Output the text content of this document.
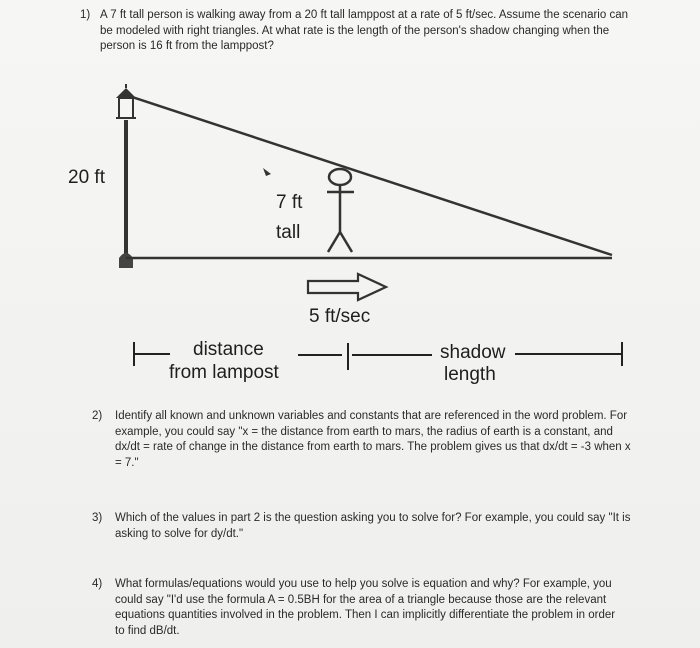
1) A 7 ft tall person is walking away from a 20 ft tall lamppost at a rate of 5 ft/sec. Assume the scenario can be modeled with right triangles. At what rate is the length of the person's shadow changing when the person is 16 ft from the lamppost?
20 ft
7 ft
tall
5 ft/sec
distance
from lampost
shadow
length
2) Identify all known and unknown variables and constants that are referenced in the word problem. For example, you could say "x = the distance from earth to mars, the radius of earth is a constant, and dx/dt = rate of change in the distance from earth to mars. The problem gives us that dx/dt = -3 when x = 7."
3) Which of the values in part 2 is the question asking you to solve for? For example, you could say "It is asking to solve for dy/dt."
4) What formulas/equations would you use to help you solve is equation and why? For example, you could say "I'd use the formula A = 0.5BH for the area of a triangle because those are the relevant equations quantities involved in the problem. Then I can implicitly differentiate the problem in order to find dB/dt.
